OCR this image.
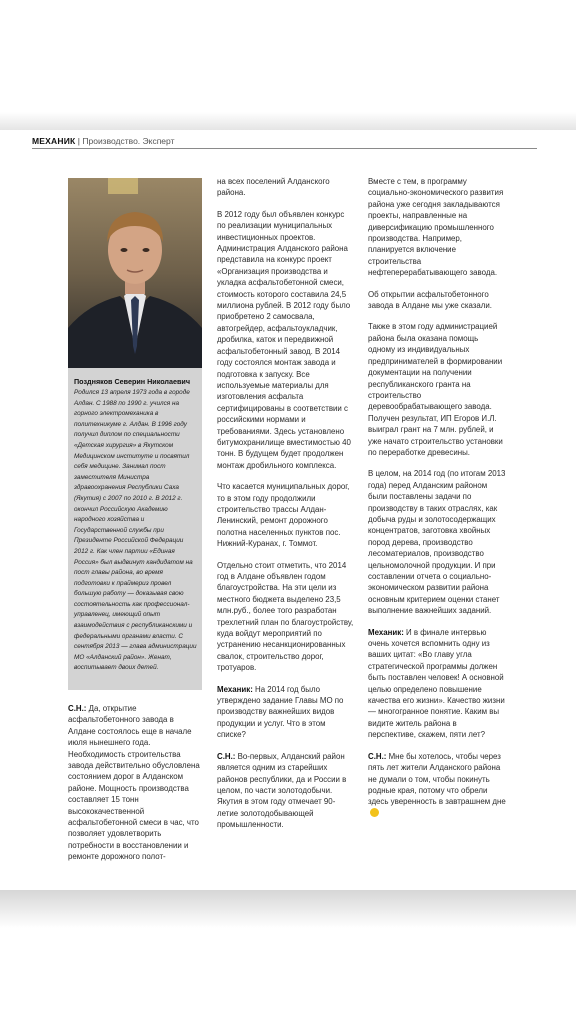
МЕХАНИК | Производство. Эксперт

Поздняков Северин Николаевич

Родился 13 апреля 1973 года в городе Алдан. С 1988 по 1990 г. учился на горного электромеханика в политехникуме г. Алдан. В 1996 году получил диплом по специальности «Детская хирургия» в Якутском Медицинском институте и посвятил себя медицине. Занимал пост заместителя Министра здравоохранения Республики Саха (Якутия) с 2007 по 2010 г. В 2012 г. окончил Российскую Академию народного хозяйства и Государственной службы при Президенте Российской Федерации 2012 г. Как член партии «Единая Россия» был выдвинут кандидатом на пост главы района, во время подготовки к праймериз провел большую работу — доказывая свою состоятельность как профессионал-управленец, имеющий опыт взаимодействия с республиканскими и федеральными органами власти. С сентября 2013 — глава администрации МО «Алданский район». Женат, воспитывает двоих детей.

С.Н.: Да, открытие асфальтобетонного завода в Алдане состоялось еще в начале июля нынешнего года. Необходимость строительства завода действительно обусловлена состоянием дорог в Алданском районе. Мощность производства составляет 15 тонн высококачественной асфальтобетонной смеси в час, что позволяет удовлетворить потребности в восстановлении и ремонте дорожного полот-

на всех поселений Алданского района.

В 2012 году был объявлен конкурс по реализации муниципальных инвестиционных проектов. Администрация Алданского района представила на конкурс проект «Организация производства и укладка асфальтобетонной смеси, стоимость которого составила 24,5 миллиона рублей. В 2012 году было приобретено 2 самосвала, автогрейдер, асфальтоукладчик, дробилка, каток и передвижной асфальтобетонный завод. В 2014 году состоялся монтаж завода и подготовка к запуску. Все используемые материалы для изготовления асфальта сертифицированы в соответствии с российскими нормами и требованиями. Здесь установлено битумохранилище вместимостью 40 тонн. В будущем будет продолжен монтаж дробильного комплекса.

Что касается муниципальных дорог, то в этом году продолжили строительство трассы Алдан-Ленинский, ремонт дорожного полотна населенных пунктов пос. Нижний-Куранах, г. Томмот.

Отдельно стоит отметить, что 2014 год в Алдане объявлен годом благоустройства. На эти цели из местного бюджета выделено 23,5 млн.руб., более того разработан трехлетний план по благоустройству, куда войдут мероприятий по устранению несанкционированных свалок, строительство дорог, тротуаров.

Механик: На 2014 год было утверждено задание Главы МО по производству важнейших видов продукции и услуг. Что в этом списке?

С.Н.: Во-первых, Алданский район является одним из старейших районов республики, да и России в целом, по части золотодобычи. Якутия в этом году отмечает 90-летие золотодобывающей промышленности.

Вместе с тем, в программу социально-экономического развития района уже сегодня закладываются проекты, направленные на диверсификацию промышленного производства. Например, планируется включение строительства нефтеперерабатывающего завода.

Об открытии асфальтобетонного завода в Алдане мы уже сказали.

Также в этом году администрацией района была оказана помощь одному из индивидуальных предпринимателей в формировании документации на получении республиканского гранта на строительство деревообрабатывающего завода. Получен результат, ИП Егоров И.Л. выиграл грант на 7 млн. рублей, и уже начато строительство установки по переработке древесины.

В целом, на 2014 год (по итогам 2013 года) перед Алданским районом были поставлены задачи по производству в таких отраслях, как добыча руды и золотосодержащих концентратов, заготовка хвойных пород дерева, производство лесоматериалов, производство цельномолочной продукции. И при составлении отчета о социально-экономическом развитии района основным критерием оценки станет выполнение важнейших заданий.

Механик: И в финале интервью очень хочется вспомнить одну из ваших цитат: «Во главу угла стратегической программы должен быть поставлен человек! А основной целью определено повышение качества его жизни». Качество жизни — многогранное понятие. Каким вы видите житель района в перспективе, скажем, пяти лет?

С.Н.: Мне бы хотелось, чтобы через пять лет жители Алданского района не думали о том, чтобы покинуть родные края, потому что обрели здесь уверенность в завтрашнем дне
